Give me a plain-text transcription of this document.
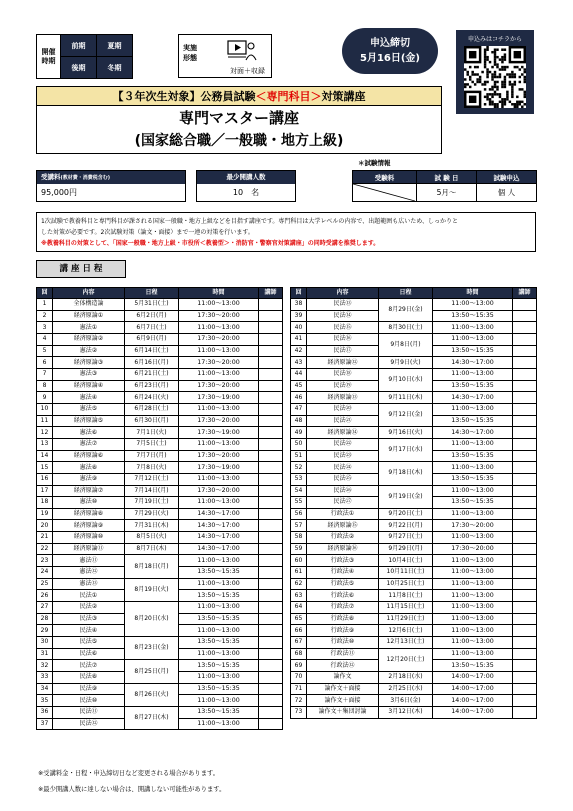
開催
時期	前期	夏期
	後期	冬期
実施
形態
対面＋収録
申込締切
5月16日(金)
申込みはコチラから
【３年次生対象】公務員試験＜専門科目＞対策講座
専門マスター講座
(国家総合職／一般職・地方上級)
＊試験情報
受講料(教材費・消費税含む)
95,000円
最少開講人数
10　名
受験料	試 験 日	試験申込

	5月～	個 人
1次試験で教養科目と専門科目が課される国家一般職・地方上級などを目指す講座です。専門科目は大学レベルの内容で、出題範囲も広いため、しっかりと
した対策が必要です。2次試験対策（論文・面接）まで一連の対策を行います。
※教養科目の対策として、「国家一般職・地方上級・市役所＜教養型＞・消防官・警察官対策講座」の同時受講を推奨します。
講 座 日 程
回	内容	日程	時間	講師
1	全体構造論	5月31日(土)	11:00～13:00	
2	経済原論①	6月2日(月)	17:30～20:00	
3	憲法①	6月7日(土)	11:00～13:00	
4	経済原論②	6月9日(月)	17:30～20:00	
5	憲法②	6月14日(土)	11:00～13:00	
6	経済原論③	6月16日(月)	17:30～20:00	
7	憲法③	6月21日(土)	11:00～13:00	
8	経済原論④	6月23日(月)	17:30～20:00	
9	憲法④	6月24日(火)	17:30～19:00	
10	憲法⑤	6月28日(土)	11:00～13:00	
11	経済原論⑤	6月30日(月)	17:30～20:00	
12	憲法⑥	7月1日(火)	17:30～19:00	
13	憲法⑦	7月5日(土)	11:00～13:00	
14	経済原論⑥	7月7日(月)	17:30～20:00	
15	憲法⑧	7月8日(火)	17:30～19:00	
16	憲法⑨	7月12日(土)	11:00～13:00	
17	経済原論⑦	7月14日(月)	17:30～20:00	
18	憲法⑩	7月19日(土)	11:00～13:00	
19	経済原論⑧	7月29日(火)	14:30～17:00	
20	経済原論⑨	7月31日(木)	14:30～17:00	
21	経済原論⑩	8月5日(火)	14:30～17:00	
22	経済原論⑪	8月7日(木)	14:30～17:00	
23	憲法⑪	8月18日(月)	11:00～13:00	
24	憲法⑫		13:50～15:35	
25	憲法⑬	8月19日(火)	11:00～13:00	
26	民法①		13:50～15:35	
27	民法②	8月20日(水)	11:00～13:00	
28	民法③		13:50～15:35	
29	民法④		11:00～13:00	
30	民法⑤	8月23日(金)	13:50～15:35	
31	民法⑥		11:00～13:00	
32	民法⑦	8月25日(月)	13:50～15:35	
33	民法⑧		11:00～13:00	
34	民法⑨	8月26日(火)	13:50～15:35	
35	民法⑩		11:00～13:00	
36	民法⑪	8月27日(木)	13:50～15:35	
37	民法⑫		11:00～13:00	
回	内容	日程	時間	講師
38	民法⑬	8月29日(金)	11:00～13:00	
39	民法⑭		13:50～15:35	
40	民法⑮	8月30日(土)	11:00～13:00	
41	民法⑯	9月8日(月)	11:00～13:00	
42	民法⑰		13:50～15:35	
43	経済原論⑫	9月9日(火)	14:30～17:00	
44	民法⑱	9月10日(水)	11:00～13:00	
45	民法⑲		13:50～15:35	
46	経済原論⑬	9月11日(木)	14:30～17:00	
47	民法⑳	9月12日(金)	11:00～13:00	
48	民法㉑		13:50～15:35	
49	経済原論⑭	9月16日(火)	14:30～17:00	
50	民法㉒	9月17日(水)	11:00～13:00	
51	民法㉓		13:50～15:35	
52	民法㉔	9月18日(木)	11:00～13:00	
53	民法㉕		13:50～15:35	
54	民法㉖	9月19日(金)	11:00～13:00	
55	民法㉗		13:50～15:35	
56	行政法①	9月20日(土)	11:00～13:00	
57	経済原論⑮	9月22日(月)	17:30～20:00	
58	行政法②	9月27日(土)	11:00～13:00	
59	経済原論⑯	9月29日(月)	17:30～20:00	
60	行政法③	10月4日(土)	11:00～13:00	
61	行政法④	10月11日(土)	11:00～13:00	
62	行政法⑤	10月25日(土)	11:00～13:00	
63	行政法⑥	11月8日(土)	11:00～13:00	
64	行政法⑦	11月15日(土)	11:00～13:00	
65	行政法⑧	11月29日(土)	11:00～13:00	
66	行政法⑨	12月6日(土)	11:00～13:00	
67	行政法⑩	12月13日(土)	11:00～13:00	
68	行政法⑪	12月20日(土)	11:00～13:00	
69	行政法⑫		13:50～15:35	
70	論作文	2月18日(水)	14:00～17:00	
71	論作文＋面接	2月25日(水)	14:00～17:00	
72	論作文＋面接	3月6日(金)	14:00～17:00	
73	論作文＋集団討論	3月12日(木)	14:00～17:00	
※受講料金・日程・申込締切日など変更される場合があります。
※最少開講人数に達しない場合は、開講しない可能性があります。
